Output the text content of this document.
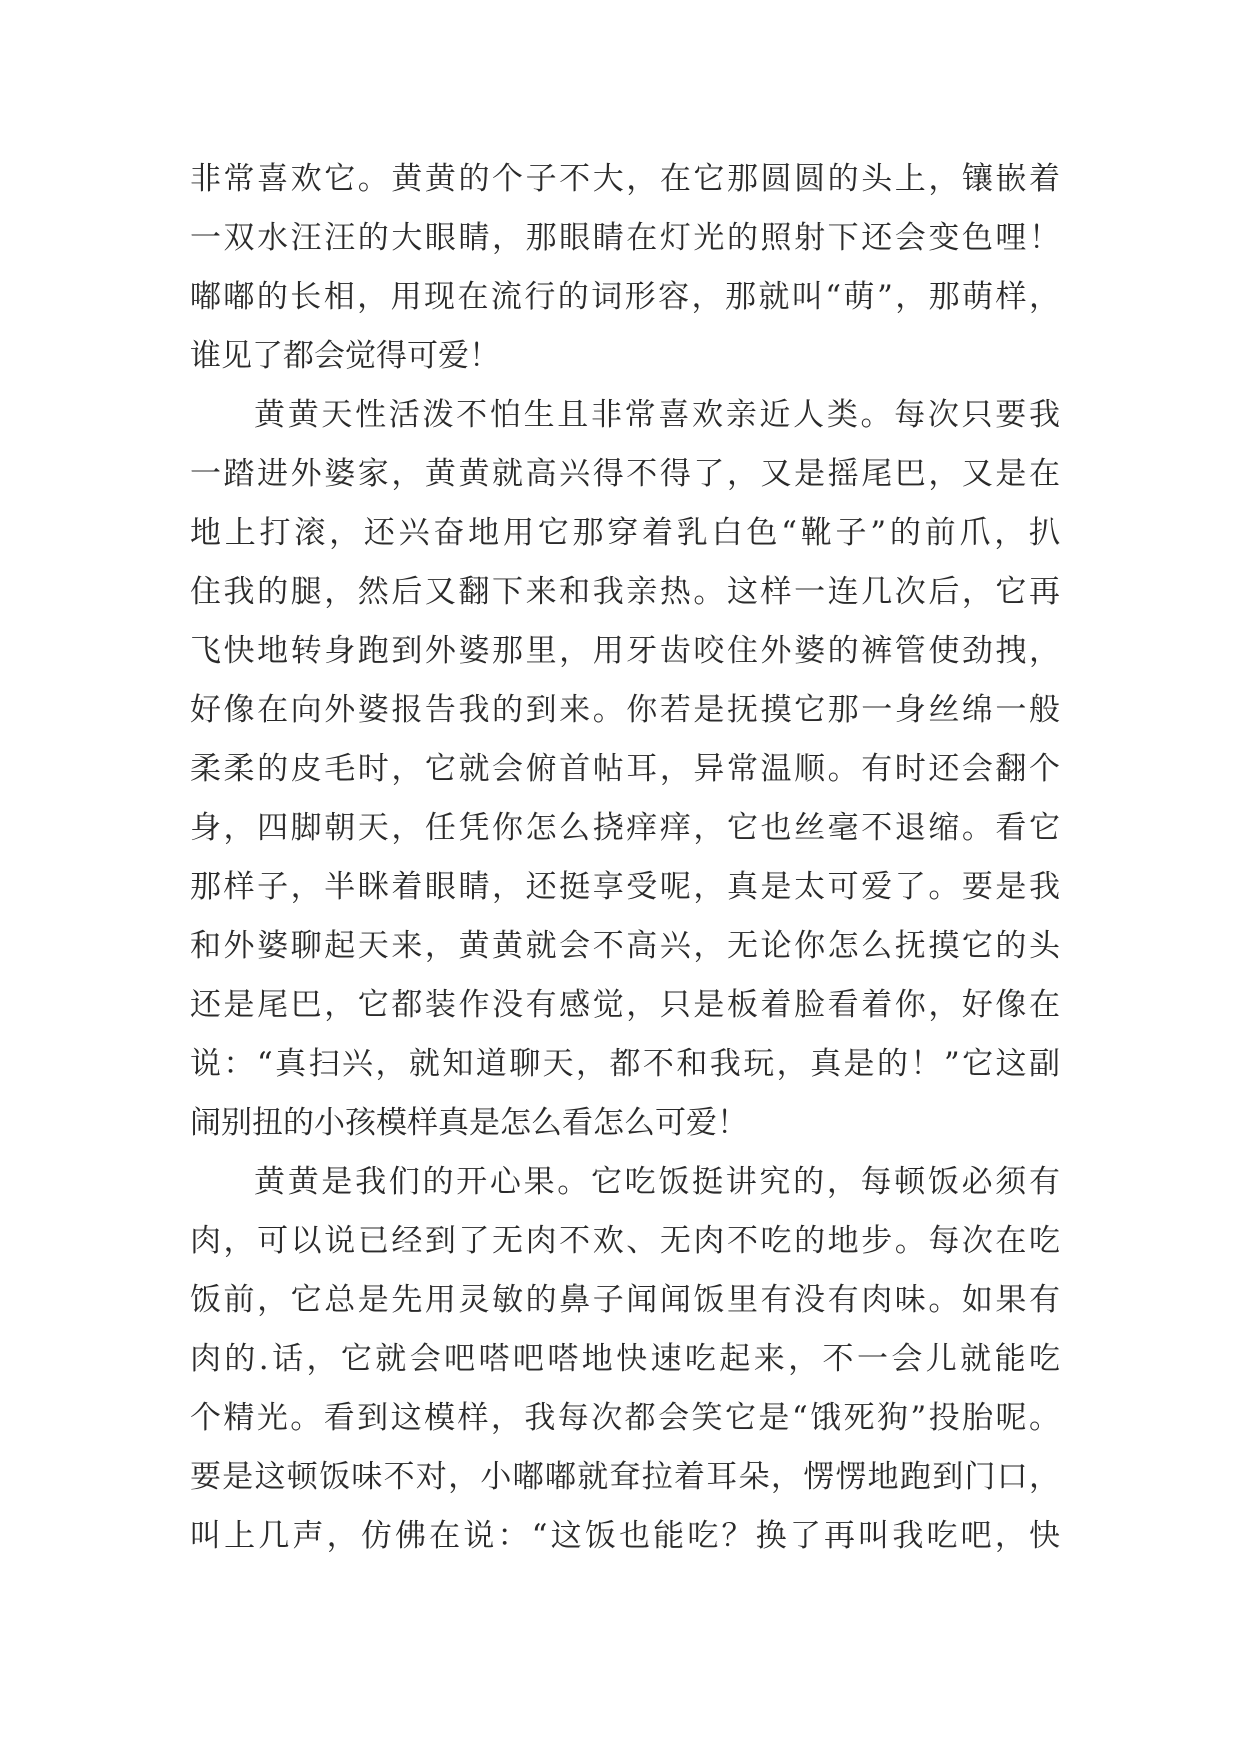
非常喜欢它。黄黄的个子不大，在它那圆圆的头上，镶嵌着
一双水汪汪的大眼睛，那眼睛在灯光的照射下还会变色哩！
嘟嘟的长相，用现在流行的词形容，那就叫“萌”，那萌样，
谁见了都会觉得可爱！
黄黄天性活泼不怕生且非常喜欢亲近人类。每次只要我
一踏进外婆家，黄黄就高兴得不得了，又是摇尾巴，又是在
地上打滚，还兴奋地用它那穿着乳白色“靴子”的前爪，扒
住我的腿，然后又翻下来和我亲热。这样一连几次后，它再
飞快地转身跑到外婆那里，用牙齿咬住外婆的裤管使劲拽，
好像在向外婆报告我的到来。你若是抚摸它那一身丝绵一般
柔柔的皮毛时，它就会俯首帖耳，异常温顺。有时还会翻个
身，四脚朝天，任凭你怎么挠痒痒，它也丝毫不退缩。看它
那样子，半眯着眼睛，还挺享受呢，真是太可爱了。要是我
和外婆聊起天来，黄黄就会不高兴，无论你怎么抚摸它的头
还是尾巴，它都装作没有感觉，只是板着脸看着你，好像在
说：“真扫兴，就知道聊天，都不和我玩，真是的！”它这副
闹别扭的小孩模样真是怎么看怎么可爱！
黄黄是我们的开心果。它吃饭挺讲究的，每顿饭必须有
肉，可以说已经到了无肉不欢、无肉不吃的地步。每次在吃
饭前，它总是先用灵敏的鼻子闻闻饭里有没有肉味。如果有
肉的.话，它就会吧嗒吧嗒地快速吃起来，不一会儿就能吃
个精光。看到这模样，我每次都会笑它是“饿死狗”投胎呢。
要是这顿饭味不对，小嘟嘟就耷拉着耳朵，愣愣地跑到门口，
叫上几声，仿佛在说：“这饭也能吃？换了再叫我吃吧，快
